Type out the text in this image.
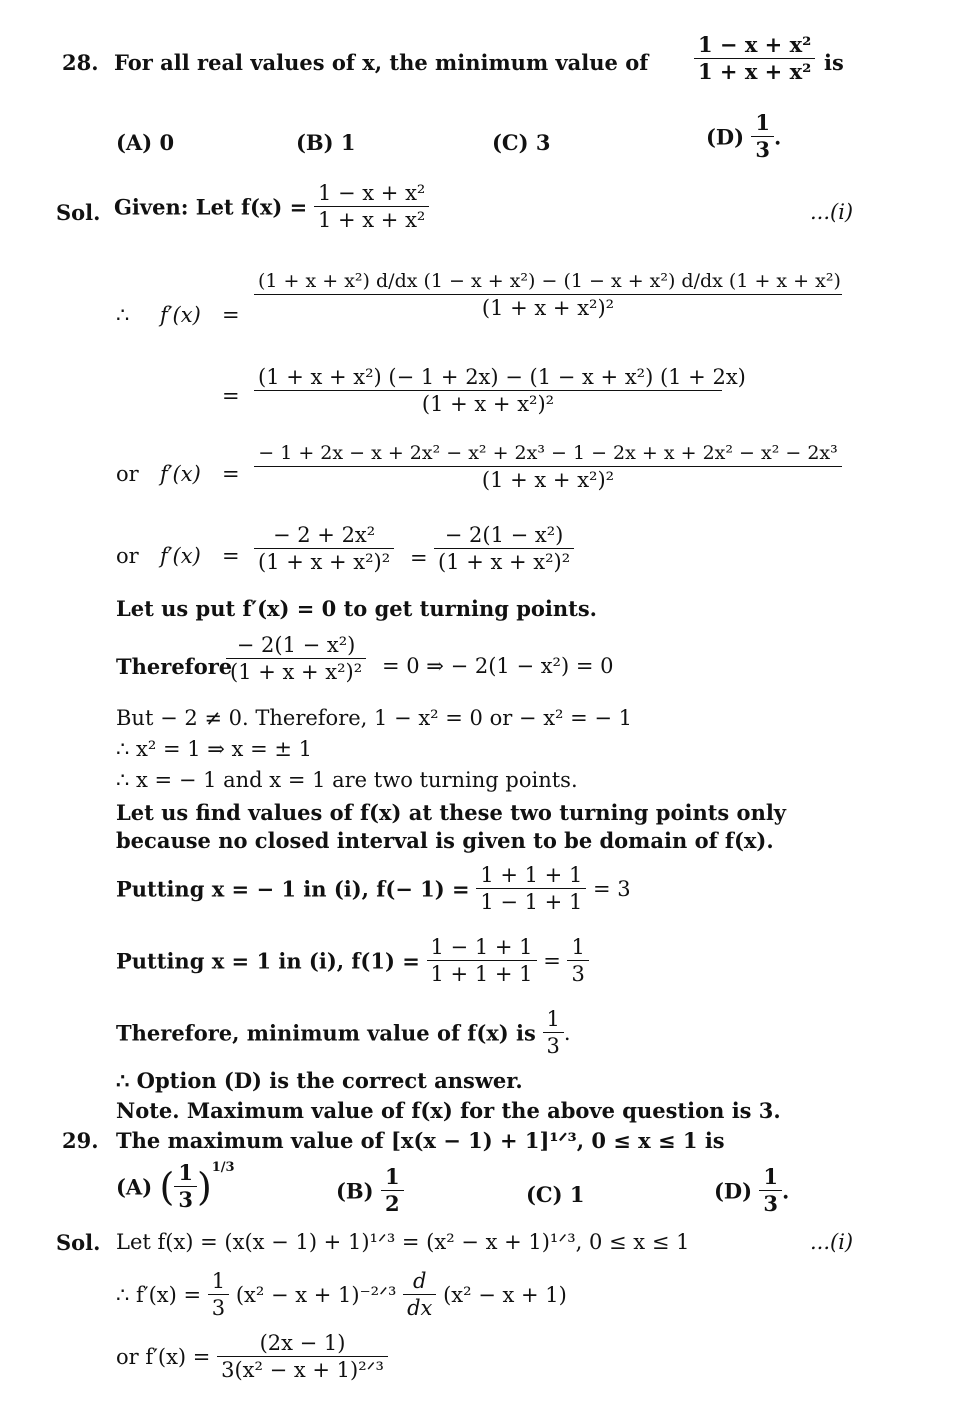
28. For all real values of x, the minimum value of $\frac{\text{1 − x + x²}}{\text{1 + x + x²}}$ is
(A) 0	(B) 1	(C) 3	$(D) \frac{1}{3}$ .
Sol. Given: Let $f(x) = \frac{\text{1 − x + x²}}{\text{1 + x + x²}}$	...(i)
∴ f′(x) =
(1 + x + x²) d/dx (1 − x + x²) − (1 − x + x²) d/dx (1 + x + x²)
(1 + x + x²)²
= $\frac{\text{(1 + x + x²) (− 1 + 2x) − (1 − x + x²) (1 + 2x)}}{\text{(1 + x + x²)²}}$
or $f'(x) = \frac{\text{− 1 + 2x − x + 2x² − x² + 2x³ − 1 − 2x + x + 2x² − x² − 2x³}}{\text{(1 + x + x²)²}}$
or $f'(x) = \frac{\text{− 2 + 2x²}}{\text{(1 + x + x²)²}} = \frac{\text{− 2(1 − x²)}}{\text{(1 + x + x²)²}}$
Let us put f′(x) = 0 to get turning points.
Therefore
$\frac{\text{− 2(1 − x²)}}{\text{(1 + x + x²)²}} = 0$ ⇒ − 2(1 − x²) = 0
But − 2 ≠ 0. Therefore, 1 − x² = 0 or − x² = − 1
∴ x² = 1 ⇒ x = ± 1
∴ x = − 1 and x = 1 are two turning points.
Let us find values of f(x) at these two turning points only
because no closed interval is given to be domain of f(x).
Putting x = − 1 in (i), $f(- 1) = \frac{1 + 1 + 1}{1 - 1 + 1} = 3$
Putting x = 1 in (i), $f(1) = \frac{1 - 1 + 1}{1 + 1 + 1} = \frac{1}{3}$
Therefore, minimum value of f(x) is $\frac{1}{3}$ .
∴ Option (D) is the correct answer.
Note. Maximum value of f(x) for the above question is 3.
29. The maximum value of [x(x − 1) + 1]¹ᐟ³, 0 ≤ x ≤ 1 is
(A) ( $\frac{1}{3} )^{1/3}$
$(B) \frac{1}{2}$	(C) 1	$(D) \frac{1}{3}$ .
Sol. Let f(x) = (x(x − 1) + 1)¹ᐟ³ = (x² − x + 1)¹ᐟ³, 0 ≤ x ≤ 1	...(i)
∴ $f'(x) = \frac{1}{3} (x^2 - x$ + 1)⁻²ᐟ³ $\frac{d}{dx} (x^2 - x + 1)$
or $f'(x) = \frac{(2x - 1)}{\text{3(x² − x + 1)²ᐟ³}}$
